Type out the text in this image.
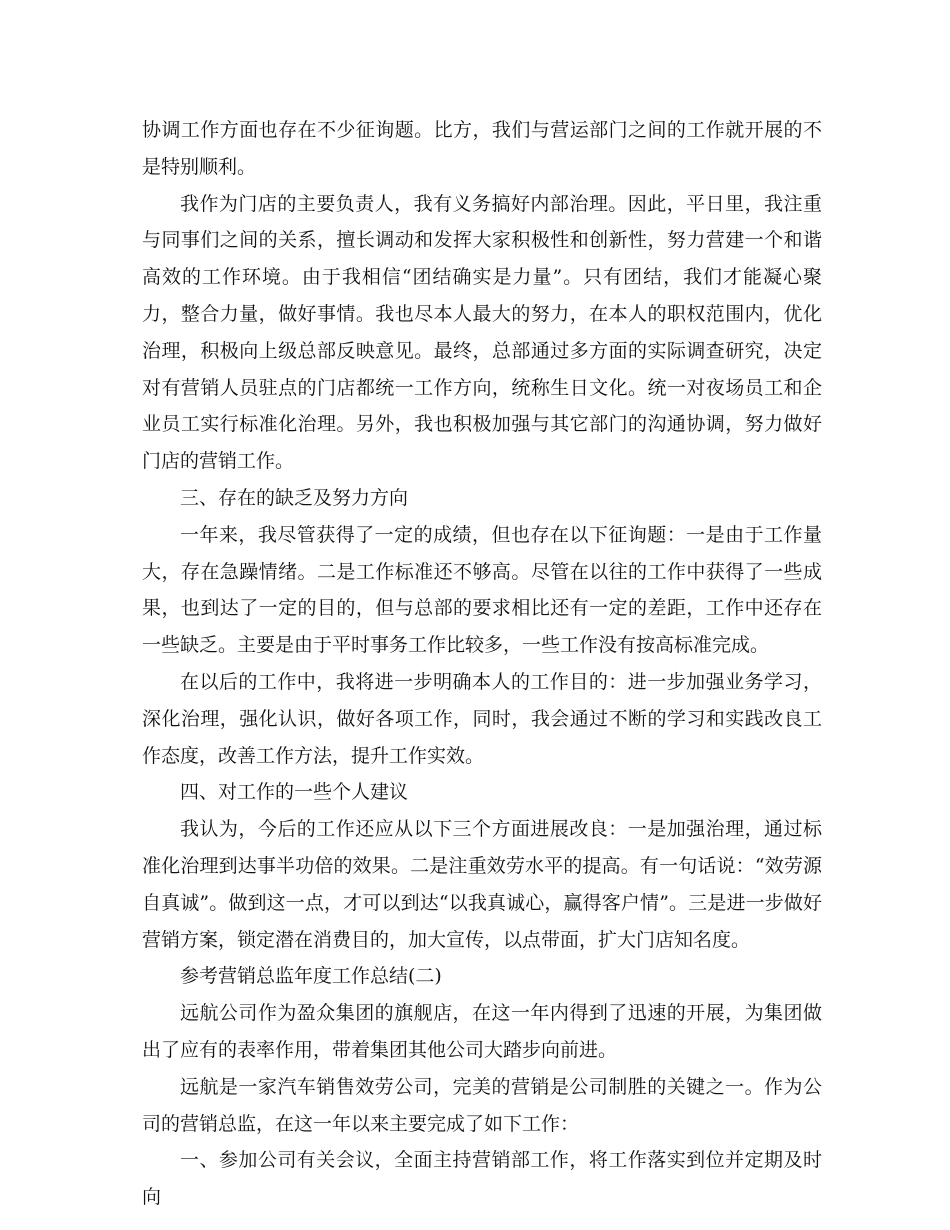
协调工作方面也存在不少征询题。比方，我们与营运部门之间的工作就开展的不是特别顺利。

我作为门店的主要负责人，我有义务搞好内部治理。因此，平日里，我注重与同事们之间的关系，擅长调动和发挥大家积极性和创新性，努力营建一个和谐高效的工作环境。由于我相信“团结确实是力量”。只有团结，我们才能凝心聚力，整合力量，做好事情。我也尽本人最大的努力，在本人的职权范围内，优化治理，积极向上级总部反映意见。最终，总部通过多方面的实际调查研究，决定对有营销人员驻点的门店都统一工作方向，统称生日文化。统一对夜场员工和企业员工实行标准化治理。另外，我也积极加强与其它部门的沟通协调，努力做好门店的营销工作。

三、存在的缺乏及努力方向

一年来，我尽管获得了一定的成绩，但也存在以下征询题：一是由于工作量大，存在急躁情绪。二是工作标准还不够高。尽管在以往的工作中获得了一些成果，也到达了一定的目的，但与总部的要求相比还有一定的差距，工作中还存在一些缺乏。主要是由于平时事务工作比较多，一些工作没有按高标准完成。

在以后的工作中，我将进一步明确本人的工作目的：进一步加强业务学习，深化治理，强化认识，做好各项工作，同时，我会通过不断的学习和实践改良工作态度，改善工作方法，提升工作实效。

四、对工作的一些个人建议

我认为，今后的工作还应从以下三个方面进展改良：一是加强治理，通过标准化治理到达事半功倍的效果。二是注重效劳水平的提高。有一句话说：“效劳源自真诚”。做到这一点，才可以到达“以我真诚心，赢得客户情”。三是进一步做好营销方案，锁定潜在消费目的，加大宣传，以点带面，扩大门店知名度。

参考营销总监年度工作总结(二)

远航公司作为盈众集团的旗舰店，在这一年内得到了迅速的开展，为集团做出了应有的表率作用，带着集团其他公司大踏步向前进。

远航是一家汽车销售效劳公司，完美的营销是公司制胜的关键之一。作为公司的营销总监，在这一年以来主要完成了如下工作：

一、参加公司有关会议，全面主持营销部工作，将工作落实到位并定期及时向
